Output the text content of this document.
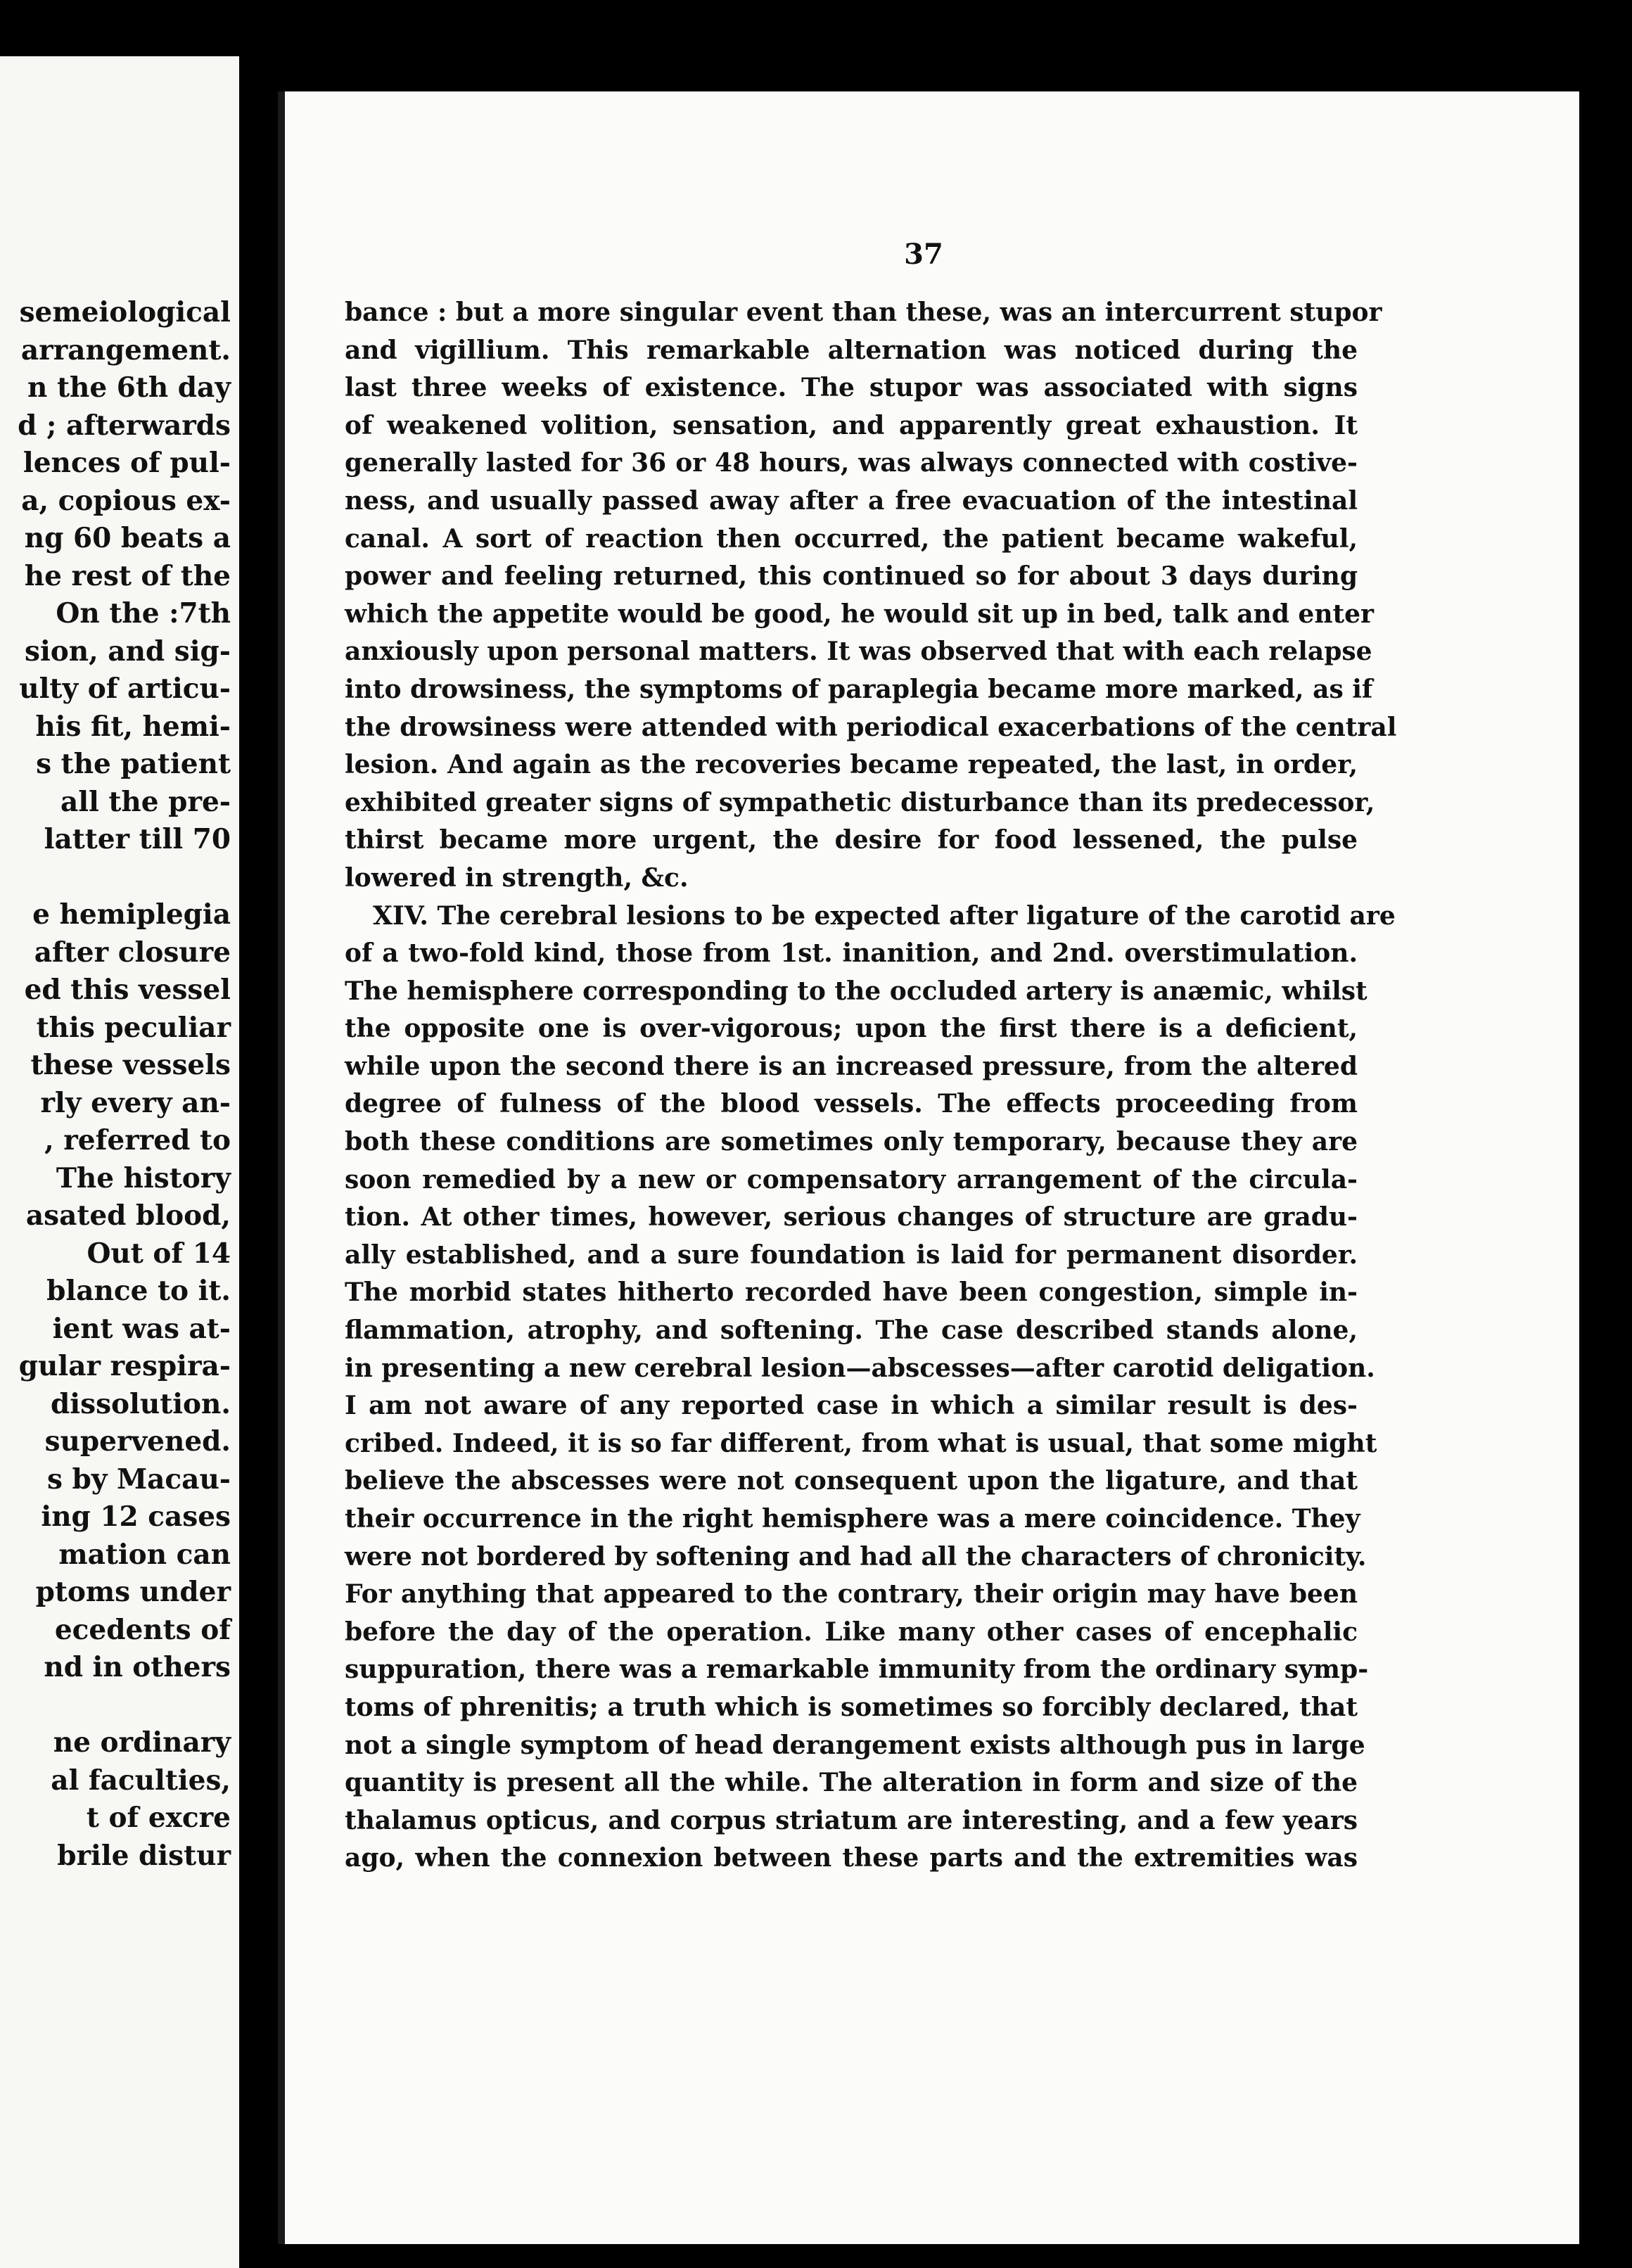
semeiological
arrangement.
n the 6th day
d ; afterwards
lences of pul-
a, copious ex-
ng 60 beats a
he rest of the
On the :7th
sion, and sig-
ulty of articu-
his fit, hemi-
s the patient
all the pre-
latter till 70
e hemiplegia
after closure
ed this vessel
this peculiar
these vessels
rly every an-
, referred to
The history
asated blood,
Out of 14
blance to it.
ient was at-
gular respira-
dissolution.
supervened.
s by Macau-
ing 12 cases
mation can
ptoms under
ecedents of
nd in others
ne ordinary
al faculties,
t of excre
brile distur
37
bance : but a more singular event than these, was an intercurrent stupor
and vigillium. This remarkable alternation was noticed during the
last three weeks of existence. The stupor was associated with signs
of weakened volition, sensation, and apparently great exhaustion. It
generally lasted for 36 or 48 hours, was always connected with costive-
ness, and usually passed away after a free evacuation of the intestinal
canal. A sort of reaction then occurred, the patient became wakeful,
power and feeling returned, this continued so for about 3 days during
which the appetite would be good, he would sit up in bed, talk and enter
anxiously upon personal matters. It was observed that with each relapse
into drowsiness, the symptoms of paraplegia became more marked, as if
the drowsiness were attended with periodical exacerbations of the central
lesion. And again as the recoveries became repeated, the last, in order,
exhibited greater signs of sympathetic disturbance than its predecessor,
thirst became more urgent, the desire for food lessened, the pulse
lowered in strength, &c.
XIV. The cerebral lesions to be expected after ligature of the carotid are
of a two-fold kind, those from 1st. inanition, and 2nd. overstimulation.
The hemisphere corresponding to the occluded artery is anæmic, whilst
the opposite one is over-vigorous; upon the first there is a deficient,
while upon the second there is an increased pressure, from the altered
degree of fulness of the blood vessels. The effects proceeding from
both these conditions are sometimes only temporary, because they are
soon remedied by a new or compensatory arrangement of the circula-
tion. At other times, however, serious changes of structure are gradu-
ally established, and a sure foundation is laid for permanent disorder.
The morbid states hitherto recorded have been congestion, simple in-
flammation, atrophy, and softening. The case described stands alone,
in presenting a new cerebral lesion—abscesses—after carotid deligation.
I am not aware of any reported case in which a similar result is des-
cribed. Indeed, it is so far different, from what is usual, that some might
believe the abscesses were not consequent upon the ligature, and that
their occurrence in the right hemisphere was a mere coincidence. They
were not bordered by softening and had all the characters of chronicity.
For anything that appeared to the contrary, their origin may have been
before the day of the operation. Like many other cases of encephalic
suppuration, there was a remarkable immunity from the ordinary symp-
toms of phrenitis; a truth which is sometimes so forcibly declared, that
not a single symptom of head derangement exists although pus in large
quantity is present all the while. The alteration in form and size of the
thalamus opticus, and corpus striatum are interesting, and a few years
ago, when the connexion between these parts and the extremities was
